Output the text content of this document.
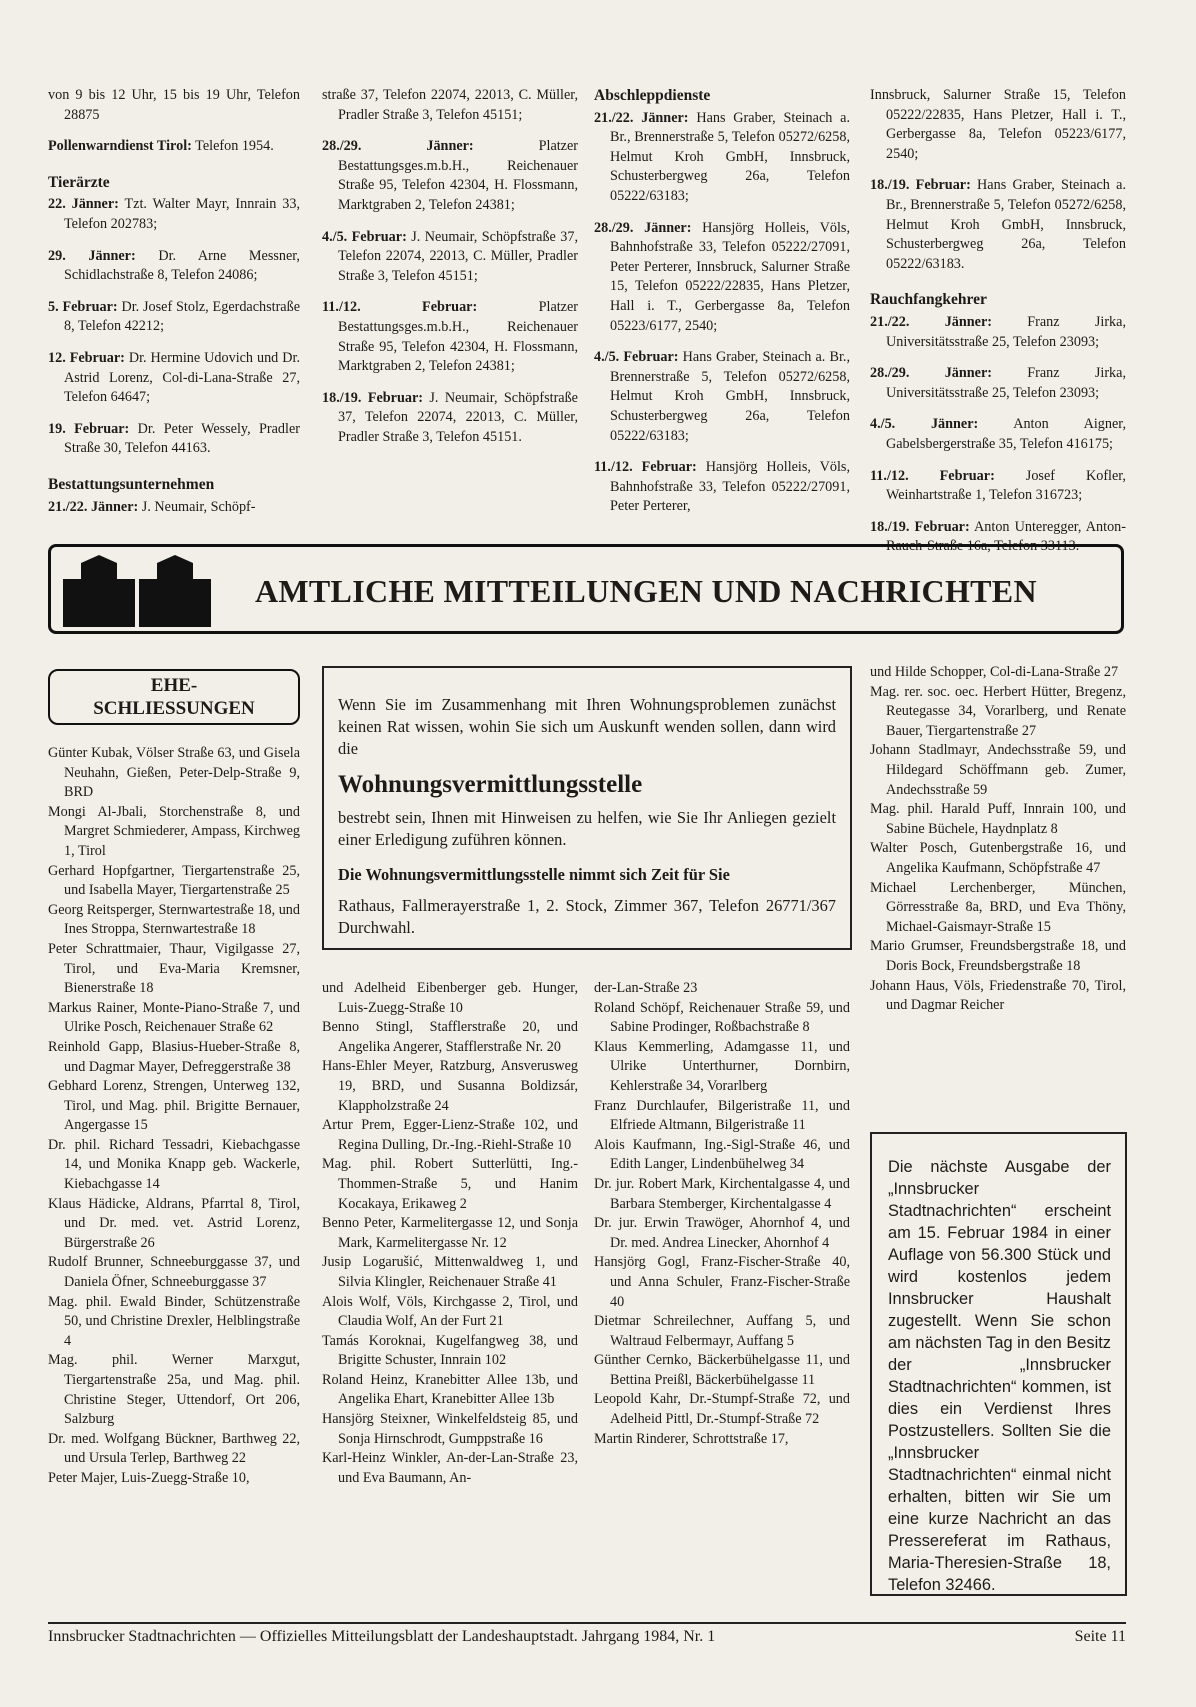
von 9 bis 12 Uhr, 15 bis 19 Uhr, Telefon 28875

Pollenwarndienst Tirol: Telefon 1954.

Tierärzte

22. Jänner: Tzt. Walter Mayr, Innrain 33, Telefon 202783;

29. Jänner: Dr. Arne Messner, Schidlachstraße 8, Telefon 24086;

5. Februar: Dr. Josef Stolz, Egerdachstraße 8, Telefon 42212;

12. Februar: Dr. Hermine Udovich und Dr. Astrid Lorenz, Col-di-Lana-Straße 27, Telefon 64647;

19. Februar: Dr. Peter Wessely, Pradler Straße 30, Telefon 44163.

Bestattungsunternehmen

21./22. Jänner: J. Neumair, Schöpf-

straße 37, Telefon 22074, 22013, C. Müller, Pradler Straße 3, Telefon 45151;

28./29. Jänner: Platzer Bestattungsges.m.b.H., Reichenauer Straße 95, Telefon 42304, H. Flossmann, Marktgraben 2, Telefon 24381;

4./5. Februar: J. Neumair, Schöpfstraße 37, Telefon 22074, 22013, C. Müller, Pradler Straße 3, Telefon 45151;

11./12. Februar: Platzer Bestattungsges.m.b.H., Reichenauer Straße 95, Telefon 42304, H. Flossmann, Marktgraben 2, Telefon 24381;

18./19. Februar: J. Neumair, Schöpfstraße 37, Telefon 22074, 22013, C. Müller, Pradler Straße 3, Telefon 45151.

Abschleppdienste

21./22. Jänner: Hans Graber, Steinach a. Br., Brennerstraße 5, Telefon 05272/6258, Helmut Kroh GmbH, Innsbruck, Schusterbergweg 26a, Telefon 05222/63183;

28./29. Jänner: Hansjörg Holleis, Völs, Bahnhofstraße 33, Telefon 05222/27091, Peter Perterer, Innsbruck, Salurner Straße 15, Telefon 05222/22835, Hans Pletzer, Hall i. T., Gerbergasse 8a, Telefon 05223/6177, 2540;

4./5. Februar: Hans Graber, Steinach a. Br., Brennerstraße 5, Telefon 05272/6258, Helmut Kroh GmbH, Innsbruck, Schusterbergweg 26a, Telefon 05222/63183;

11./12. Februar: Hansjörg Holleis, Völs, Bahnhofstraße 33, Telefon 05222/27091, Peter Perterer,

Innsbruck, Salurner Straße 15, Telefon 05222/22835, Hans Pletzer, Hall i. T., Gerbergasse 8a, Telefon 05223/6177, 2540;

18./19. Februar: Hans Graber, Steinach a. Br., Brennerstraße 5, Telefon 05272/6258, Helmut Kroh GmbH, Innsbruck, Schusterbergweg 26a, Telefon 05222/63183.

Rauchfangkehrer

21./22. Jänner: Franz Jirka, Universitätsstraße 25, Telefon 23093;

28./29. Jänner: Franz Jirka, Universitätsstraße 25, Telefon 23093;

4./5. Jänner: Anton Aigner, Gabelsbergerstraße 35, Telefon 416175;

11./12. Februar: Josef Kofler, Weinhartstraße 1, Telefon 316723;

18./19. Februar: Anton Unteregger, Anton-Rauch-Straße 16a, Telefon 33113.

AMTLICHE MITTEILUNGEN UND NACHRICHTEN
EHE-
SCHLIESSUNGEN	Wenn Sie im Zusammenhang mit Ihren Wohnungsproblemen zunächst keinen Rat wissen, wohin Sie sich um Auskunft wenden sollen, dann wird die

Wohnungsvermittlungsstelle

bestrebt sein, Ihnen mit Hinweisen zu helfen, wie Sie Ihr Anliegen gezielt einer Erledigung zuführen können.

Die Wohnungsvermittlungsstelle nimmt sich Zeit für Sie

Rathaus, Fallmerayerstraße 1, 2. Stock, Zimmer 367, Telefon 26771/367 Durchwahl.

Günter Kubak, Völser Straße 63, und Gisela Neuhahn, Gießen, Peter-Delp-Straße 9, BRD

Mongi Al-Jbali, Storchenstraße 8, und Margret Schmiederer, Ampass, Kirchweg 1, Tirol

Gerhard Hopfgartner, Tiergartenstraße 25, und Isabella Mayer, Tiergartenstraße 25

Georg Reitsperger, Sternwartestraße 18, und Ines Stroppa, Sternwartestraße 18

Peter Schrattmaier, Thaur, Vigilgasse 27, Tirol, und Eva-Maria Kremsner, Bienerstraße 18

Markus Rainer, Monte-Piano-Straße 7, und Ulrike Posch, Reichenauer Straße 62

Reinhold Gapp, Blasius-Hueber-Straße 8, und Dagmar Mayer, Defreggerstraße 38

Gebhard Lorenz, Strengen, Unterweg 132, Tirol, und Mag. phil. Brigitte Bernauer, Angergasse 15

Dr. phil. Richard Tessadri, Kiebachgasse 14, und Monika Knapp geb. Wackerle, Kiebachgasse 14

Klaus Hädicke, Aldrans, Pfarrtal 8, Tirol, und Dr. med. vet. Astrid Lorenz, Bürgerstraße 26

Rudolf Brunner, Schneeburggasse 37, und Daniela Öfner, Schneeburggasse 37

Mag. phil. Ewald Binder, Schützenstraße 50, und Christine Drexler, Helblingstraße 4

Mag. phil. Werner Marxgut, Tiergartenstraße 25a, und Mag. phil. Christine Steger, Uttendorf, Ort 206, Salzburg

Dr. med. Wolfgang Bückner, Barthweg 22, und Ursula Terlep, Barthweg 22

Peter Majer, Luis-Zuegg-Straße 10,

und Adelheid Eibenberger geb. Hunger, Luis-Zuegg-Straße 10

Benno Stingl, Stafflerstraße 20, und Angelika Angerer, Stafflerstraße Nr. 20

Hans-Ehler Meyer, Ratzburg, Ansverusweg 19, BRD, und Susanna Boldizsár, Klappholzstraße 24

Artur Prem, Egger-Lienz-Straße 102, und Regina Dulling, Dr.-Ing.-Riehl-Straße 10

Mag. phil. Robert Sutterlütti, Ing.-Thommen-Straße 5, und Hanim Kocakaya, Erikaweg 2

Benno Peter, Karmelitergasse 12, und Sonja Mark, Karmelitergasse Nr. 12

Jusip Logarušić, Mittenwaldweg 1, und Silvia Klingler, Reichenauer Straße 41

Alois Wolf, Völs, Kirchgasse 2, Tirol, und Claudia Wolf, An der Furt 21

Tamás Koroknai, Kugelfangweg 38, und Brigitte Schuster, Innrain 102

Roland Heinz, Kranebitter Allee 13b, und Angelika Ehart, Kranebitter Allee 13b

Hansjörg Steixner, Winkelfeldsteig 85, und Sonja Hirnschrodt, Gumppstraße 16

Karl-Heinz Winkler, An-der-Lan-Straße 23, und Eva Baumann, An-

der-Lan-Straße 23

Roland Schöpf, Reichenauer Straße 59, und Sabine Prodinger, Roßbachstraße 8

Klaus Kemmerling, Adamgasse 11, und Ulrike Unterthurner, Dornbirn, Kehlerstraße 34, Vorarlberg

Franz Durchlaufer, Bilgeristraße 11, und Elfriede Altmann, Bilgeristraße 11

Alois Kaufmann, Ing.-Sigl-Straße 46, und Edith Langer, Lindenbühelweg 34

Dr. jur. Robert Mark, Kirchentalgasse 4, und Barbara Stemberger, Kirchentalgasse 4

Dr. jur. Erwin Trawöger, Ahornhof 4, und Dr. med. Andrea Linecker, Ahornhof 4

Hansjörg Gogl, Franz-Fischer-Straße 40, und Anna Schuler, Franz-Fischer-Straße 40

Dietmar Schreilechner, Auffang 5, und Waltraud Felbermayr, Auffang 5

Günther Cernko, Bäckerbühelgasse 11, und Bettina Preißl, Bäckerbühelgasse 11

Leopold Kahr, Dr.-Stumpf-Straße 72, und Adelheid Pittl, Dr.-Stumpf-Straße 72

Martin Rinderer, Schrottstraße 17,

und Hilde Schopper, Col-di-Lana-Straße 27

Mag. rer. soc. oec. Herbert Hütter, Bregenz, Reutegasse 34, Vorarlberg, und Renate Bauer, Tiergartenstraße 27

Johann Stadlmayr, Andechsstraße 59, und Hildegard Schöffmann geb. Zumer, Andechsstraße 59

Mag. phil. Harald Puff, Innrain 100, und Sabine Büchele, Haydnplatz 8

Walter Posch, Gutenbergstraße 16, und Angelika Kaufmann, Schöpfstraße 47

Michael Lerchenberger, München, Görresstraße 8a, BRD, und Eva Thöny, Michael-Gaismayr-Straße 15

Mario Grumser, Freundsbergstraße 18, und Doris Bock, Freundsbergstraße 18

Johann Haus, Völs, Friedenstraße 70, Tirol, und Dagmar Reicher

Die nächste Ausgabe der „Innsbrucker Stadtnachrichten“ erscheint am 15. Februar 1984 in einer Auflage von 56.300 Stück und wird kostenlos jedem Innsbrucker Haushalt zugestellt. Wenn Sie schon am nächsten Tag in den Besitz der „Innsbrucker Stadtnachrichten“ kommen, ist dies ein Verdienst Ihres Postzustellers. Sollten Sie die „Innsbrucker Stadtnachrichten“ einmal nicht erhalten, bitten wir Sie um eine kurze Nachricht an das Pressereferat im Rathaus, Maria-Theresien-Straße 18, Telefon 32466.

Innsbrucker Stadtnachrichten — Offizielles Mitteilungsblatt der Landeshauptstadt. Jahrgang 1984, Nr. 1	Seite 11
